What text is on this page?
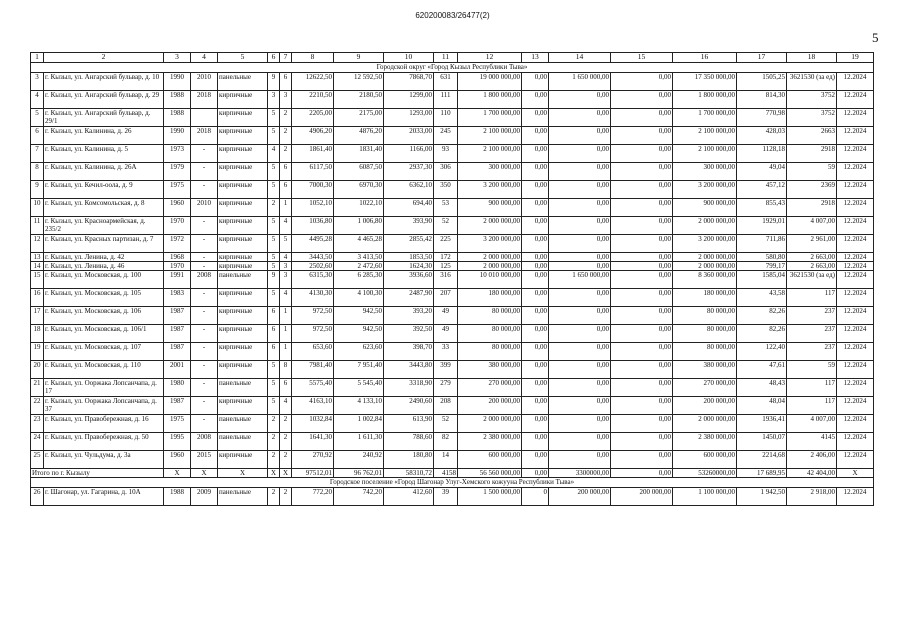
620200083/26477(2)
5
1	2	3	4	5	6	7	8	9	10	11	12	13	14	15	16	17	18	19
Городской округ «Город Кызыл Республики Тыва»																		
3	г. Кызыл, ул. Ангарский бульвар, д. 10	1990	2010	панельные	9	6	12622,50	12 592,50	7868,70	631	19 000 000,00	0,00	1 650 000,00	0,00	17 350 000,00	1505,25	3621530 (за ед)	12.2024
4	г. Кызыл, ул. Ангарский бульвар, д. 29	1988	2018	кирпичные	3	3	2210,50	2180,50	1299,00	111	1 800 000,00	0,00	0,00	0,00	1 800 000,00	814,30	3752	12.2024
5	г. Кызыл, ул. Ангарский бульвар, д. 29/1	1988		кирпичные	5	2	2205,00	2175,00	1293,00	110	1 700 000,00	0,00	0,00	0,00	1 700 000,00	770,98	3752	12.2024
6	г. Кызыл, ул. Калинина, д. 26	1990	2018	кирпичные	5	2	4906,20	4876,20	2033,00	245	2 100 000,00	0,00	0,00	0,00	2 100 000,00	428,03	2663	12.2024
7	г. Кызыл, ул. Калинина, д. 5	1973	-	кирпичные	4	2	1861,40	1831,40	1166,00	93	2 100 000,00	0,00	0,00	0,00	2 100 000,00	1128,18	2918	12.2024
8	г. Кызыл, ул. Калинина, д. 26А	1979	-	кирпичные	5	6	6117,50	6087,50	2937,30	306	300 000,00	0,00	0,00	0,00	300 000,00	49,04	59	12.2024
9	г. Кызыл, ул. Кечил-оола, д. 9	1975	-	кирпичные	5	6	7000,30	6970,30	6362,10	350	3 200 000,00	0,00	0,00	0,00	3 200 000,00	457,12	2369	12.2024
10	г. Кызыл, ул. Комсомольская, д. 8	1960	2010	кирпичные	2	1	1052,10	1022,10	694,40	53	900 000,00	0,00	0,00	0,00	900 000,00	855,43	2918	12.2024
11	г. Кызыл, ул. Красноармейская, д. 235/2	1970	-	кирпичные	5	4	1036,80	1 006,80	393,90	52	2 000 000,00	0,00	0,00	0,00	2 000 000,00	1929,01	4 007,00	12.2024
12	г. Кызыл, ул. Красных партизан, д. 7	1972	-	кирпичные	5	5	4495,28	4 465,28	2855,42	225	3 200 000,00	0,00	0,00	0,00	3 200 000,00	711,86	2 961,00	12.2024
13	г. Кызыл, ул. Ленина, д. 42	1968	-	кирпичные	5	4	3443,50	3 413,50	1853,50	172	2 000 000,00	0,00	0,00	0,00	2 000 000,00	580,80	2 663,00	12.2024
14	г. Кызыл, ул. Ленина, д. 46	1970	-	кирпичные	5	3	2502,60	2 472,60	1624,30	125	2 000 000,00	0,00	0,00	0,00	2 000 000,00	799,17	2 663,00	12.2024
15	г. Кызыл, ул. Московская, д. 100	1991	2008	панельные	9	3	6315,30	6 285,30	3936,60	316	10 010 000,00	0,00	1 650 000,00	0,00	8 360 000,00	1585,04	3621530 (за ед)	12.2024
16	г. Кызыл, ул. Московская, д. 105	1983	-	кирпичные	5	4	4130,30	4 100,30	2487,90	207	180 000,00	0,00	0,00	0,00	180 000,00	43,58	117	12.2024
17	г. Кызыл, ул. Московская, д. 106	1987	-	кирпичные	6	1	972,50	942,50	393,20	49	80 000,00	0,00	0,00	0,00	80 000,00	82,26	237	12.2024
18	г. Кызыл, ул. Московская, д. 106/1	1987	-	кирпичные	6	1	972,50	942,50	392,50	49	80 000,00	0,00	0,00	0,00	80 000,00	82,26	237	12.2024
19	г. Кызыл, ул. Московская, д. 107	1987	-	кирпичные	6	1	653,60	623,60	398,70	33	80 000,00	0,00	0,00	0,00	80 000,00	122,40	237	12.2024
20	г. Кызыл, ул. Московская, д. 110	2001	-	кирпичные	5	8	7981,40	7 951,40	3443,80	399	380 000,00	0,00	0,00	0,00	380 000,00	47,61	59	12.2024
21	г. Кызыл, ул. Ооржака Лопсанчапа, д. 17	1980	-	панельные	5	6	5575,40	5 545,40	3318,90	279	270 000,00	0,00	0,00	0,00	270 000,00	48,43	117	12.2024
22	г. Кызыл, ул. Ооржака Лопсанчапа, д. 37	1987	-	кирпичные	5	4	4163,10	4 133,10	2490,60	208	200 000,00	0,00	0,00	0,00	200 000,00	48,04	117	12.2024
23	г. Кызыл, ул. Правобережная, д. 16	1975	-	панельные	2	2	1032,84	1 002,84	613,90	52	2 000 000,00	0,00	0,00	0,00	2 000 000,00	1936,41	4 007,00	12.2024
24	г. Кызыл, ул. Правобережная, д. 50	1995	2008	панельные	2	2	1641,30	1 611,30	788,60	82	2 380 000,00	0,00	0,00	0,00	2 380 000,00	1450,07	4145	12.2024
25	г. Кызыл, ул. Чульдума, д. 3а	1960	2015	кирпичные	2	2	270,92	240,92	180,80	14	600 000,00	0,00	0,00	0,00	600 000,00	2214,68	2 406,00	12.2024
Итого по г. Кызылу		X	X	X	X	X	97512,01	96 762,01	58310,72	4158	56 560 000,00	0,00	3300000,00	0,00	53260000,00	17 689,95	42 404,00	X
Городское поселение «Город Шагонар Улуг-Хемского кожууна Республики Тыва»																		
26	г. Шагонар, ул. Гагарина, д. 10А	1988	2009	панельные	2	2	772,20	742,20	412,60	39	1 500 000,00	0	200 000,00	200 000,00	1 100 000,00	1 942,50	2 918,00	12.2024
